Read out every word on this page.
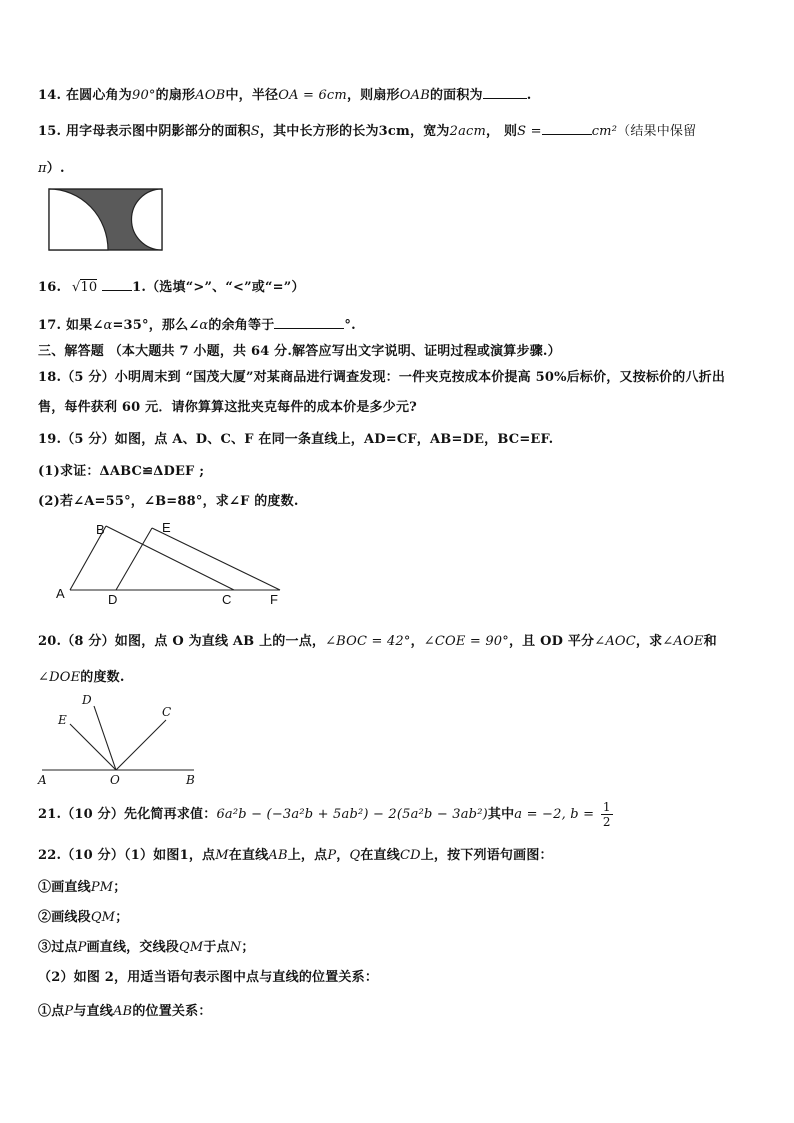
14. 在圆心角为90°的扇形AOB中，半径OA = 6cm，则扇形OAB的面积为	.
15. 用字母表示图中阴影部分的面积S，其中长方形的长为3cm，宽为2acm， 则S =	cm²（结果中保留
π）.
16. √10	1.（选填“>”、“<”或“=”）
17. 如果∠α=35°，那么∠α的余角等于	°.
三、解答题 （本大题共 7 小题，共 64 分.解答应写出文字说明、证明过程或演算步骤.）
18.（5 分）小明周末到 “国茂大厦”对某商品进行调查发现：一件夹克按成本价提高 50%后标价，又按标价的八折出
售，每件获利 60 元．请你算算这批夹克每件的成本价是多少元?
19.（5 分）如图，点 A、D、C、F 在同一条直线上，AD=CF，AB=DE，BC=EF.
(1)求证：ΔABC≌ΔDEF ;
(2)若∠A=55°，∠B=88°，求∠F 的度数.
A
B
D
E
C	F
20.（8 分）如图，点 O 为直线 AB 上的一点，∠BOC = 42°，∠COE = 90°，且 OD 平分∠AOC，求∠AOE和
∠DOE的度数.
A	O	B
E
D
C
21.（10 分）先化简再求值：6a²b − (−3a²b + 5ab²) − 2(5a²b − 3ab²)其中a = −2, $b = \frac{1}{2}$
22.（10 分）（1）如图1，点M在直线AB上，点P，Q在直线CD上，按下列语句画图：
①画直线PM；
②画线段QM；
③过点P画直线，交线段QM于点N；
（2）如图 2，用适当语句表示图中点与直线的位置关系：
①点P与直线AB的位置关系：
